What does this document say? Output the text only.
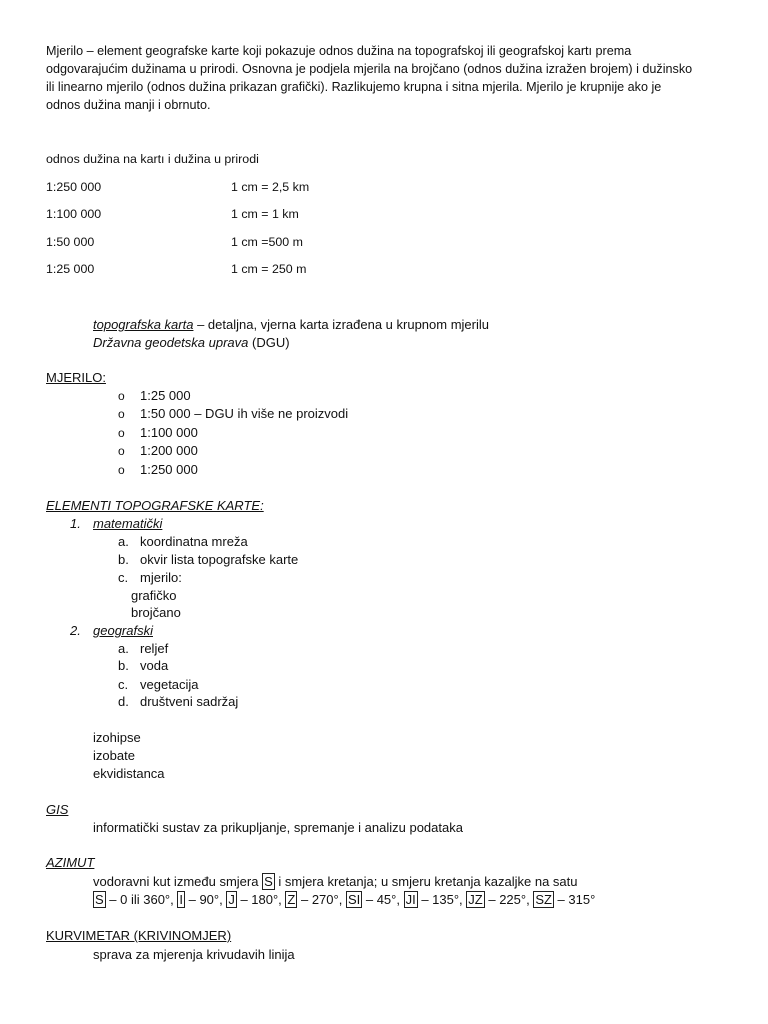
Mjerilo – element geografske karte koji pokazuje odnos dužina na topografskoj ili geografskoj kartı prema
odgovarajućim dužinama u prirodi. Osnovna je podjela mjerila na brojčano (odnos dužina izražen brojem) i dužinsko
ili linearno mjerilo (odnos dužina prikazan grafički). Razlikujemo krupna i sitna mjerila. Mjerilo je krupnije ako je
odnos dužina manji i obrnuto.
odnos dužina na kartı i dužina u prirodi
1:250 000	1 cm = 2,5 km
1:100 000	1 cm = 1 km
1:50 000	1 cm =500 m
1:25 000	1 cm = 250 m
topografska karta – detaljna, vjerna karta izrađena u krupnom mjerilu
Državna geodetska uprava (DGU)
MJERILO:
o 1:25 000
o 1:50 000 – DGU ih više ne proizvodi
o 1:100 000
o 1:200 000
o 1:250 000
ELEMENTI TOPOGRAFSKE KARTE:
1. matematički
a. koordinatna mreža
b. okvir lista topografske karte
c. mjerilo:
grafičko
brojčano
2. geografski
a. reljef
b. voda
c. vegetacija
d. društveni sadržaj
izohipse
izobate
ekvidistanca
GIS
informatički sustav za prikupljanje, spremanje i analizu podataka
AZIMUT
vodoravni kut između smjera S i smjera kretanja; u smjeru kretanja kazaljke na satu
S – 0 ili 360°, I – 90°, J – 180°, Z – 270°, SI – 45°, JI – 135°, JZ – 225°, SZ – 315°
KURVIMETAR (KRIVINOMJER)
sprava za mjerenja krivudavih linija
